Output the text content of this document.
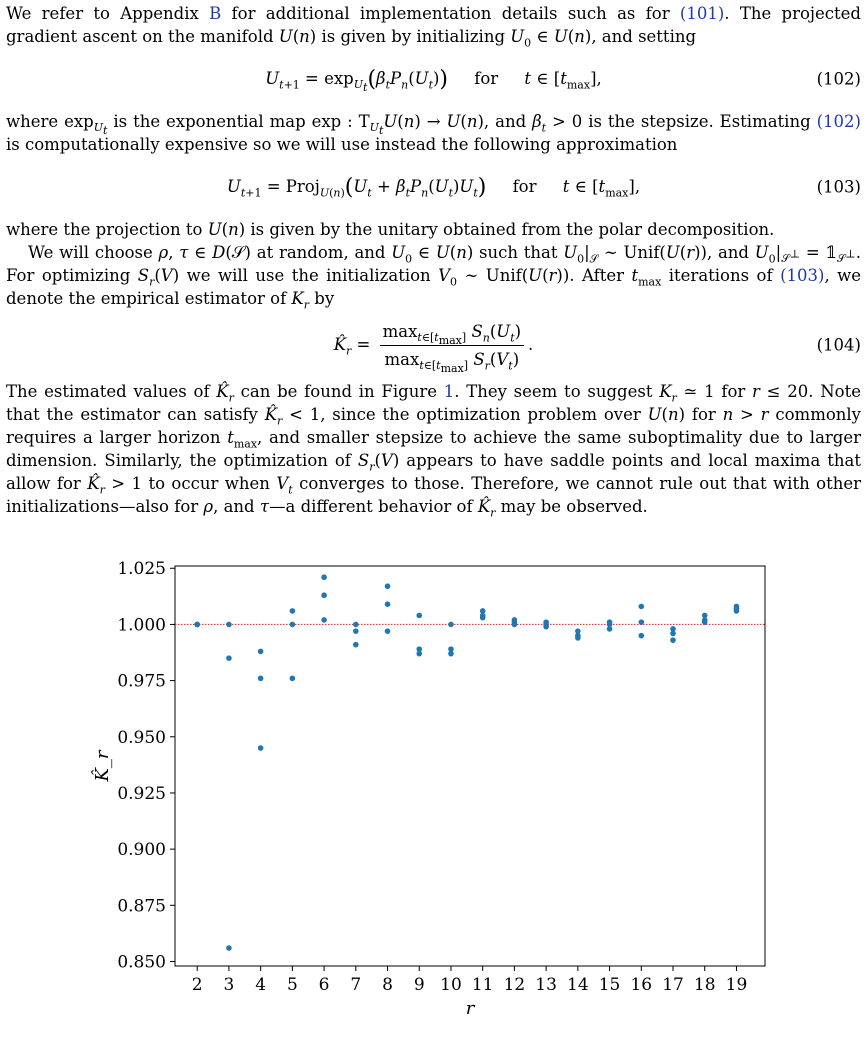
We refer to Appendix B for additional implementation details such as for (101). The projected gradient ascent on the manifold U(n) is given by initializing $U_0$ ∈ U(n), and setting

$U_{t+1} = \exp_{U_t}(\beta_tP_n(U_t))$ for t ∈ $[t_{max}]$,	(102)

where $\exp_{U_t}$ is the exponential map exp : $T_{U_t}U(n) \to U(n)$, and $\beta_t > 0$ is the stepsize. Estimating (102) is computationally expensive so we will use instead the following approximation

$U_{t+1}$ = $Proj_{U(n)}(U_t + \beta_tP_n(U_t)U_t)$ for t ∈ $[t_{max}]$,	(103)

where the projection to U(n) is given by the unitary obtained from the polar decomposition.

We will choose ρ, τ ∈ D(𝒮) at random, and $U_0$ ∈ U(n) such that $U_0|_𝒮$ ∼ Unif(U(r)), and $U_0|_{𝒮^\perp}$ = $𝟙_{𝒮^\perp}$. For optimizing $S_r(V)$ we will use the initialization $V_0$ ∼ Unif(U(r)). After $t_{max}$ iterations of (103), we denote the empirical estimator of $K_r$ by

$K̂_r = \frac{\max_{t\in[t_{max}]} S_n(U_t)}{\max_{t\in[t_{max}]} S_r(V_t)}$ .	(104)

The estimated values of $K̂_r$ can be found in Figure 1. They seem to suggest $K_r$ ≃ 1 for r ≤ 20. Note that the estimator can satisfy $K̂_r < 1$, since the optimization problem over U(n) for n > r commonly requires a larger horizon $t_{max}$, and smaller stepsize to achieve the same suboptimality due to larger dimension. Similarly, the optimization of $S_r(V)$ appears to have saddle points and local maxima that allow for $K̂_r > 1$ to occur when $V_t$ converges to those. Therefore, we cannot rule out that with other initializations—also for ρ, and τ—a different behavior of $K̂_r$ may be observed.

0.850
0.875
0.900
0.925
0.950
0.975
1.000
1.025
2 3 4 5 6 7 8 9 10 11 12 13 14 15 16 17 18 19
r
K̂_r
